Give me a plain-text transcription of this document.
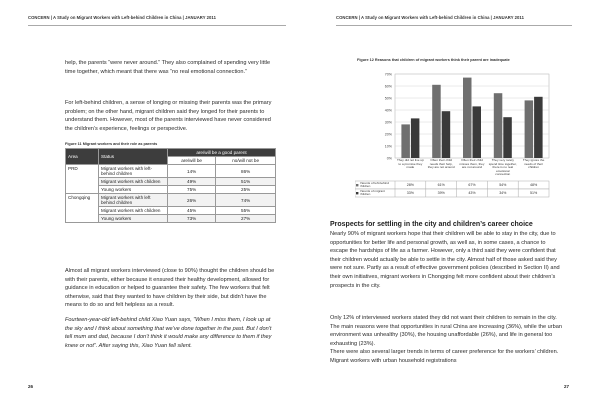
CONCERN | A Study on Migrant Workers with Left-behind Children in China | JANUARY 2011

help, the parents “were never around.” They also complained of spending very little time together, which meant that there was “no real emotional connection.”

For left-behind children, a sense of longing or missing their parents was the primary problem; on the other hand, migrant children said they longed for their parents to understand them. However, most of the parents interviewed have never considered the children’s experience, feelings or perspective.

Figure 11 Migrant workers and their role as parents
Area	Status	are/will be a good parent	
		are/will be	no/will not be
PRD	Migrant workers with left-behind children	14%	86%
	Migrant workers with children	49%	51%
	Young workers	75%	25%
Chongqing	Migrant workers with left behind children	26%	74%
	Migrant workers with children	45%	55%
	Young workers	73%	27%

Almost all migrant workers interviewed (close to 90%) thought the children should be with their parents, either because it ensured their healthy development, allowed for guidance in education or helped to guarantee their safety. The few workers that felt otherwise, said that they wanted to have children by their side, but didn’t have the means to do so and felt helpless as a result.

Fourteen-year-old left-behind child Xiao Yuan says, “When I miss them, I look up at the sky and I think about something that we’ve done together in the past. But I don’t tell mum and dad, because I don’t think it would make any difference to them if they knew or not”. After saying this, Xiao Yuan fell silent.

26
CONCERN | A Study on Migrant Workers with Left-behind Children in China | JANUARY 2011
Figure 12 Reasons that children of migrant workers think their parent are inadequate
0%
10%
20%
30%
40%
50%
60%
70%
They did not live up to a promise they made
Often their child needs their help, they are not around
Often their child misses them, they are not around
They very rarely spend time together, there is no real emotional connection
They ignore the needs of their children
Parents of left-behind children	28%	61%	67%	54%	48%
Parents of migrant children	33%	39%	43%	34%	51%
Prospects for settling in the city and children’s career choice

Nearly 90% of migrant workers hope that their children will be able to stay in the city, due to opportunities for better life and personal growth, as well as, in some cases, a chance to escape the hardships of life as a farmer. However, only a third said they were confident that their children would actually be able to settle in the city. Almost half of those asked said they were not sure. Partly as a result of effective government policies (described in Section II) and their own initiatives, migrant workers in Chongqing felt more confident about their children’s prospects in the city.

Only 12% of interviewed workers stated they did not want their children to remain in the city. The main reasons were that opportunities in rural China are increasing (36%), while the urban environment was unhealthy (30%), the housing unaffordable (26%), and life in general too exhausting (23%).

There were also several larger trends in terms of career preference for the workers’ children. Migrant workers with urban household registrations

27
